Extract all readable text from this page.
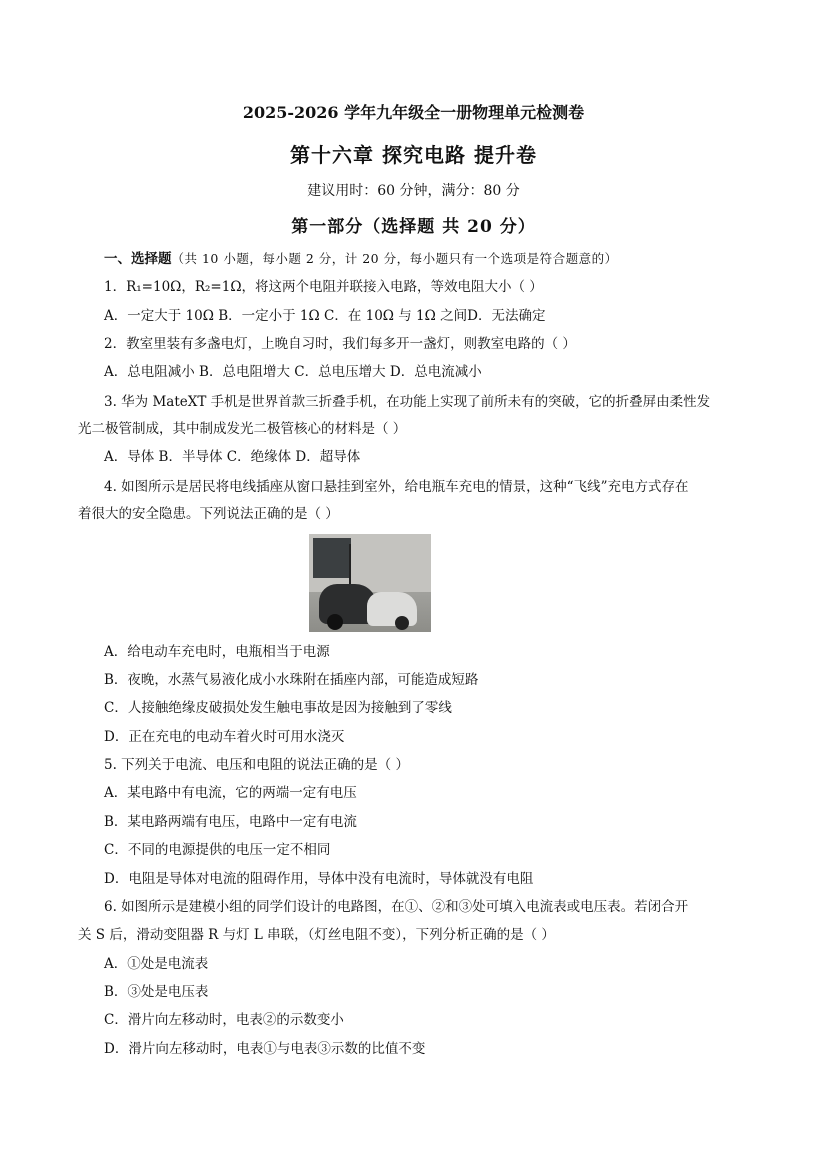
2025-2026 学年九年级全一册物理单元检测卷
第十六章 探究电路 提升卷
建议用时：60 分钟，满分：80 分
第一部分（选择题 共 20 分）
一、选择题（共 10 小题，每小题 2 分，计 20 分，每小题只有一个选项是符合题意的）
1．R₁=10Ω，R₂=1Ω，将这两个电阻并联接入电路，等效电阻大小（ ）
A．一定大于 10Ω B．一定小于 1Ω C．在 10Ω 与 1Ω 之间D．无法确定
2．教室里装有多盏电灯，上晚自习时，我们每多开一盏灯，则教室电路的（ ）
A．总电阻减小 B．总电阻增大 C．总电压增大 D．总电流减小
3. 华为 MateXT 手机是世界首款三折叠手机，在功能上实现了前所未有的突破，它的折叠屏由柔性发
光二极管制成，其中制成发光二极管核心的材料是（ ）
A．导体 B．半导体 C．绝缘体 D．超导体
4. 如图所示是居民将电线插座从窗口悬挂到室外，给电瓶车充电的情景，这种“飞线”充电方式存在
着很大的安全隐患。下列说法正确的是（ ）
A．给电动车充电时，电瓶相当于电源
B．夜晚，水蒸气易液化成小水珠附在插座内部，可能造成短路
C．人接触绝缘皮破损处发生触电事故是因为接触到了零线
D．正在充电的电动车着火时可用水浇灭
5. 下列关于电流、电压和电阻的说法正确的是（ ）
A．某电路中有电流，它的两端一定有电压
B．某电路两端有电压，电路中一定有电流
C．不同的电源提供的电压一定不相同
D．电阻是导体对电流的阻碍作用，导体中没有电流时，导体就没有电阻
6. 如图所示是建模小组的同学们设计的电路图，在①、②和③处可填入电流表或电压表。若闭合开
关 S 后，滑动变阻器 R 与灯 L 串联，（灯丝电阻不变），下列分析正确的是（ ）
A．①处是电流表
B．③处是电压表
C．滑片向左移动时，电表②的示数变小
D．滑片向左移动时，电表①与电表③示数的比值不变
